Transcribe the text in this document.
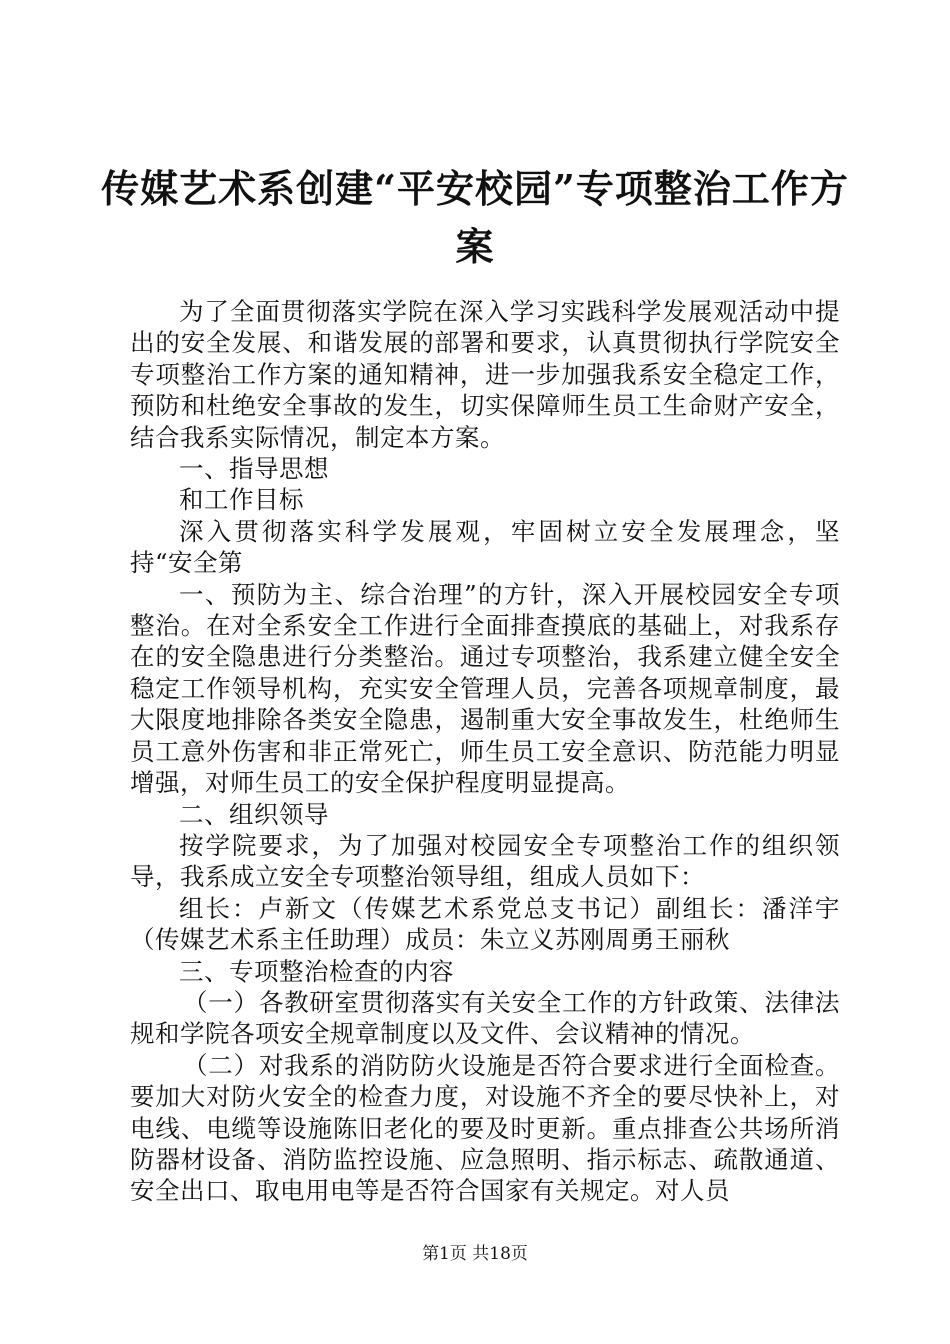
传媒艺术系创建“平安校园”专项整治工作方案

为了全面贯彻落实学院在深入学习实践科学发展观活动中提出的安全发展、和谐发展的部署和要求，认真贯彻执行学院安全专项整治工作方案的通知精神，进一步加强我系安全稳定工作，预防和杜绝安全事故的发生，切实保障师生员工生命财产安全，结合我系实际情况，制定本方案。

一、指导思想

和工作目标

深入贯彻落实科学发展观，牢固树立安全发展理念，坚持“安全第

一、预防为主、综合治理”的方针，深入开展校园安全专项整治。在对全系安全工作进行全面排查摸底的基础上，对我系存在的安全隐患进行分类整治。通过专项整治，我系建立健全安全稳定工作领导机构，充实安全管理人员，完善各项规章制度，最大限度地排除各类安全隐患，遏制重大安全事故发生，杜绝师生员工意外伤害和非正常死亡，师生员工安全意识、防范能力明显增强，对师生员工的安全保护程度明显提高。

二、组织领导

按学院要求，为了加强对校园安全专项整治工作的组织领导，我系成立安全专项整治领导组，组成人员如下：

组长：卢新文（传媒艺术系党总支书记）副组长：潘洋宇（传媒艺术系主任助理）成员：朱立义苏刚周勇王丽秋

三、专项整治检查的内容

（一）各教研室贯彻落实有关安全工作的方针政策、法律法规和学院各项安全规章制度以及文件、会议精神的情况。

（二）对我系的消防防火设施是否符合要求进行全面检查。要加大对防火安全的检查力度，对设施不齐全的要尽快补上，对电线、电缆等设施陈旧老化的要及时更新。重点排查公共场所消防器材设备、消防监控设施、应急照明、指示标志、疏散通道、安全出口、取电用电等是否符合国家有关规定。对人员

第1页 共18页
